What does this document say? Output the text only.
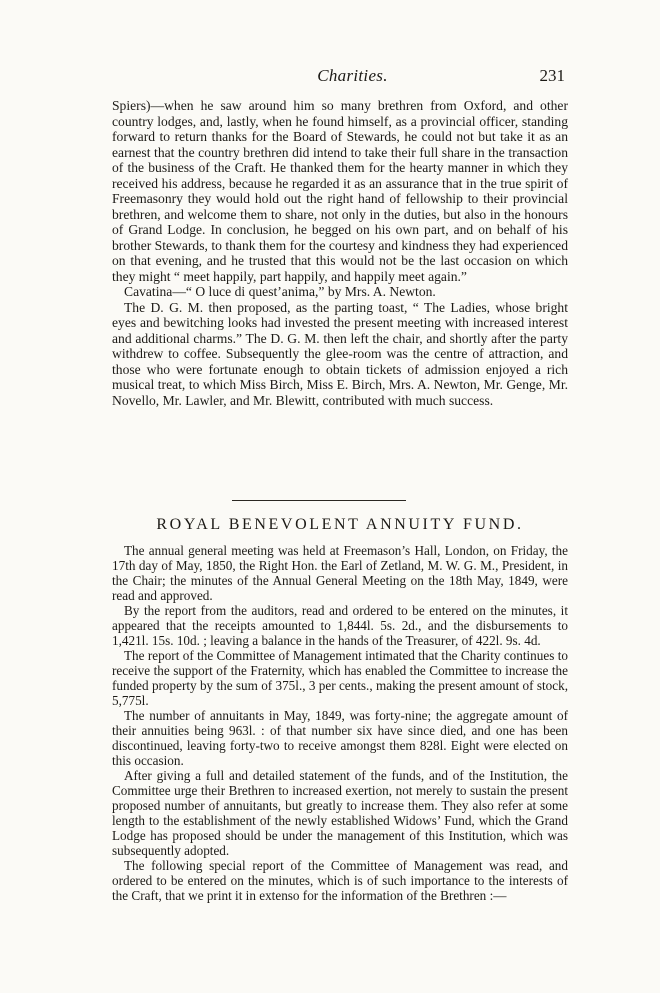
Charities.	231

Spiers)—when he saw around him so many brethren from Oxford, and other country lodges, and, lastly, when he found himself, as a provincial officer, standing forward to return thanks for the Board of Stewards, he could not but take it as an earnest that the country brethren did intend to take their full share in the transaction of the business of the Craft. He thanked them for the hearty manner in which they received his address, because he regarded it as an assurance that in the true spirit of Freemasonry they would hold out the right hand of fellowship to their provincial brethren, and welcome them to share, not only in the duties, but also in the honours of Grand Lodge. In conclusion, he begged on his own part, and on behalf of his brother Stewards, to thank them for the courtesy and kindness they had experienced on that evening, and he trusted that this would not be the last occasion on which they might “ meet happily, part happily, and happily meet again.”

Cavatina—“ O luce di quest’anima,” by Mrs. A. Newton.

The D. G. M. then proposed, as the parting toast, “ The Ladies, whose bright eyes and bewitching looks had invested the present meeting with increased interest and additional charms.” The D. G. M. then left the chair, and shortly after the party withdrew to coffee. Subsequently the glee-room was the centre of attraction, and those who were fortunate enough to obtain tickets of admission enjoyed a rich musical treat, to which Miss Birch, Miss E. Birch, Mrs. A. Newton, Mr. Genge, Mr. Novello, Mr. Lawler, and Mr. Blewitt, contributed with much success.

ROYAL BENEVOLENT ANNUITY FUND.

The annual general meeting was held at Freemason’s Hall, London, on Friday, the 17th day of May, 1850, the Right Hon. the Earl of Zetland, M. W. G. M., President, in the Chair; the minutes of the Annual General Meeting on the 18th May, 1849, were read and approved.

By the report from the auditors, read and ordered to be entered on the minutes, it appeared that the receipts amounted to 1,844l. 5s. 2d., and the disbursements to 1,421l. 15s. 10d. ; leaving a balance in the hands of the Treasurer, of 422l. 9s. 4d.

The report of the Committee of Management intimated that the Charity continues to receive the support of the Fraternity, which has enabled the Committee to increase the funded property by the sum of 375l., 3 per cents., making the present amount of stock, 5,775l.

The number of annuitants in May, 1849, was forty-nine; the aggregate amount of their annuities being 963l. : of that number six have since died, and one has been discontinued, leaving forty-two to receive amongst them 828l. Eight were elected on this occasion.

After giving a full and detailed statement of the funds, and of the Institution, the Committee urge their Brethren to increased exertion, not merely to sustain the present proposed number of annuitants, but greatly to increase them. They also refer at some length to the establishment of the newly established Widows’ Fund, which the Grand Lodge has proposed should be under the management of this Institution, which was subsequently adopted.

The following special report of the Committee of Management was read, and ordered to be entered on the minutes, which is of such importance to the interests of the Craft, that we print it in extenso for the information of the Brethren :—
